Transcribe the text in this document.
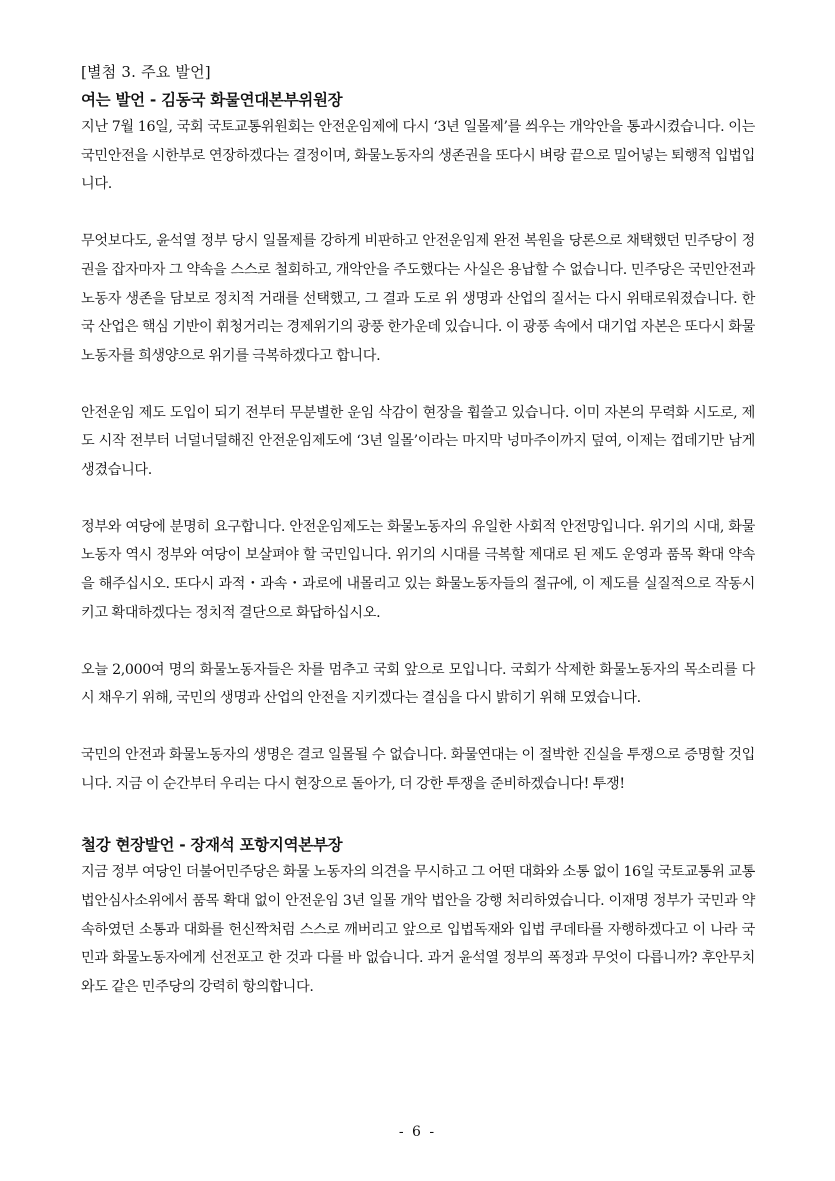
[별첨 3. 주요 발언]
여는 발언 - 김동국 화물연대본부위원장

지난 7월 16일, 국회 국토교통위원회는 안전운임제에 다시 ‘3년 일몰제’를 씌우는 개악안을 통과시켰습니다. 이는 국민안전을 시한부로 연장하겠다는 결정이며, 화물노동자의 생존권을 또다시 벼랑 끝으로 밀어넣는 퇴행적 입법입니다.

무엇보다도, 윤석열 정부 당시 일몰제를 강하게 비판하고 안전운임제 완전 복원을 당론으로 채택했던 민주당이 정권을 잡자마자 그 약속을 스스로 철회하고, 개악안을 주도했다는 사실은 용납할 수 없습니다. 민주당은 국민안전과 노동자 생존을 담보로 정치적 거래를 선택했고, 그 결과 도로 위 생명과 산업의 질서는 다시 위태로워졌습니다. 한국 산업은 핵심 기반이 휘청거리는 경제위기의 광풍 한가운데 있습니다. 이 광풍 속에서 대기업 자본은 또다시 화물노동자를 희생양으로 위기를 극복하겠다고 합니다.

안전운임 제도 도입이 되기 전부터 무분별한 운임 삭감이 현장을 휩쓸고 있습니다. 이미 자본의 무력화 시도로, 제도 시작 전부터 너덜너덜해진 안전운임제도에 ‘3년 일몰’이라는 마지막 넝마주이까지 덮여, 이제는 껍데기만 남게 생겼습니다.

정부와 여당에 분명히 요구합니다. 안전운임제도는 화물노동자의 유일한 사회적 안전망입니다. 위기의 시대, 화물노동자 역시 정부와 여당이 보살펴야 할 국민입니다. 위기의 시대를 극복할 제대로 된 제도 운영과 품목 확대 약속을 해주십시오. 또다시 과적・과속・과로에 내몰리고 있는 화물노동자들의 절규에, 이 제도를 실질적으로 작동시키고 확대하겠다는 정치적 결단으로 화답하십시오.

오늘 2,000여 명의 화물노동자들은 차를 멈추고 국회 앞으로 모입니다. 국회가 삭제한 화물노동자의 목소리를 다시 채우기 위해, 국민의 생명과 산업의 안전을 지키겠다는 결심을 다시 밝히기 위해 모였습니다.

국민의 안전과 화물노동자의 생명은 결코 일몰될 수 없습니다. 화물연대는 이 절박한 진실을 투쟁으로 증명할 것입니다. 지금 이 순간부터 우리는 다시 현장으로 돌아가, 더 강한 투쟁을 준비하겠습니다! 투쟁!

철강 현장발언 - 장재석 포항지역본부장

지금 정부 여당인 더불어민주당은 화물 노동자의 의견을 무시하고 그 어떤 대화와 소통 없이 16일 국토교통위 교통법안심사소위에서 품목 확대 없이 안전운임 3년 일몰 개악 법안을 강행 처리하였습니다. 이재명 정부가 국민과 약속하였던 소통과 대화를 헌신짝처럼 스스로 깨버리고 앞으로 입법독재와 입법 쿠데타를 자행하겠다고 이 나라 국민과 화물노동자에게 선전포고 한 것과 다를 바 없습니다. 과거 윤석열 정부의 폭정과 무엇이 다릅니까? 후안무치와도 같은 민주당의 강력히 항의합니다.

- 6 -
